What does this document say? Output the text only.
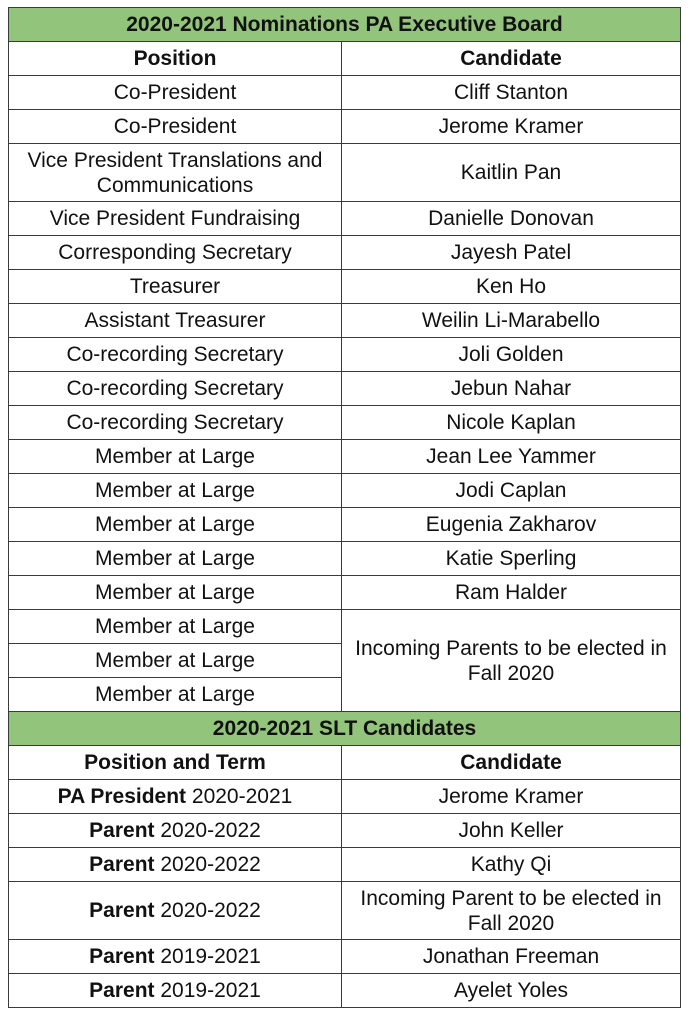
2020-2021 Nominations PA Executive Board	
Position	Candidate
Co-President	Cliff Stanton
Co-President	Jerome Kramer
Vice President Translations and Communications	Kaitlin Pan
Vice President Fundraising	Danielle Donovan
Corresponding Secretary	Jayesh Patel
Treasurer	Ken Ho
Assistant Treasurer	Weilin Li-Marabello
Co-recording Secretary	Joli Golden
Co-recording Secretary	Jebun Nahar
Co-recording Secretary	Nicole Kaplan
Member at Large	Jean Lee Yammer
Member at Large	Jodi Caplan
Member at Large	Eugenia Zakharov
Member at Large	Katie Sperling
Member at Large	Ram Halder
Member at Large	Incoming Parents to be elected in Fall 2020
Member at Large	
Member at Large	
2020-2021 SLT Candidates	
Position and Term	Candidate
PA President 2020-2021	Jerome Kramer
Parent 2020-2022	John Keller
Parent 2020-2022	Kathy Qi
Parent 2020-2022	Incoming Parent to be elected in Fall 2020
Parent 2019-2021	Jonathan Freeman
Parent 2019-2021	Ayelet Yoles
